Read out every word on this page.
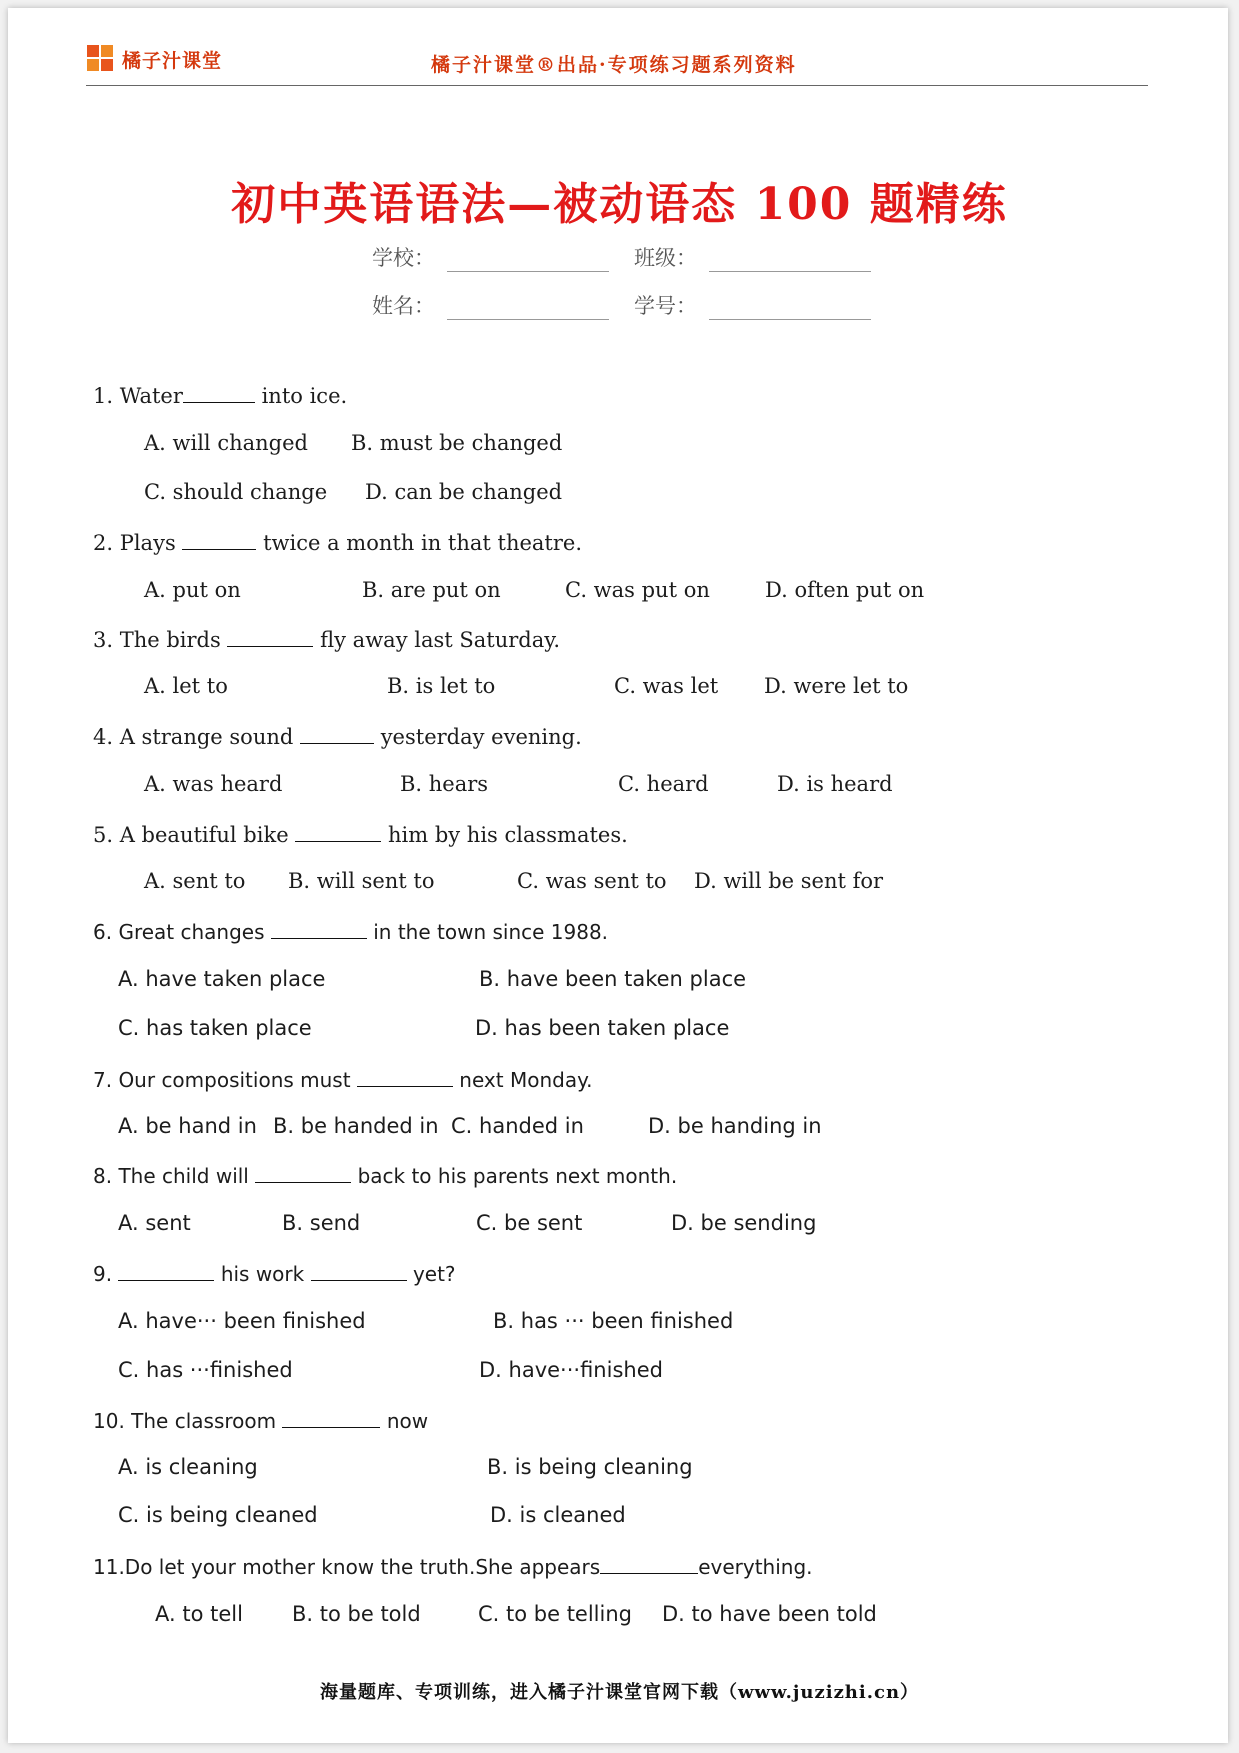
橘子汁课堂	橘子汁课堂®出品·专项练习题系列资料
初中英语语法—被动语态 100 题精练
学校：	班级：
姓名：	学号：
1. Water	into ice.
A. will changed B. must be changed
C. should change D. can be changed
2. Plays	twice a month in that theatre.
A. put on	B. are put on	C. was put on	D. often put on
3. The birds	fly away last Saturday.
A. let to	B. is let to	C. was let D. were let to
4. A strange sound	yesterday evening.
A. was heard	B. hears	C. heard	D. is heard
5. A beautiful bike	him by his classmates.
A. sent to B. will sent to	C. was sent to D. will be sent for
6. Great changes	in the town since 1988.
A. have taken place	B. have been taken place
C. has taken place	D. has been taken place
7. Our compositions must	next Monday.
A. be hand in B. be handed in C. handed in	D. be handing in
8. The child will	back to his parents next month.
A. sent	B. send	C. be sent	D. be sending
9.	his work	yet?
A. have··· been finished	B. has ··· been finished
C. has ···finished	D. have···finished
10. The classroom	now
A. is cleaning	B. is being cleaning
C. is being cleaned	D. is cleaned
11.Do let your mother know the truth.She appears	everything.
A. to tell B. to be told	C. to be telling D. to have been told
海量题库、专项训练，进入橘子汁课堂官网下载（www.juzizhi.cn）
